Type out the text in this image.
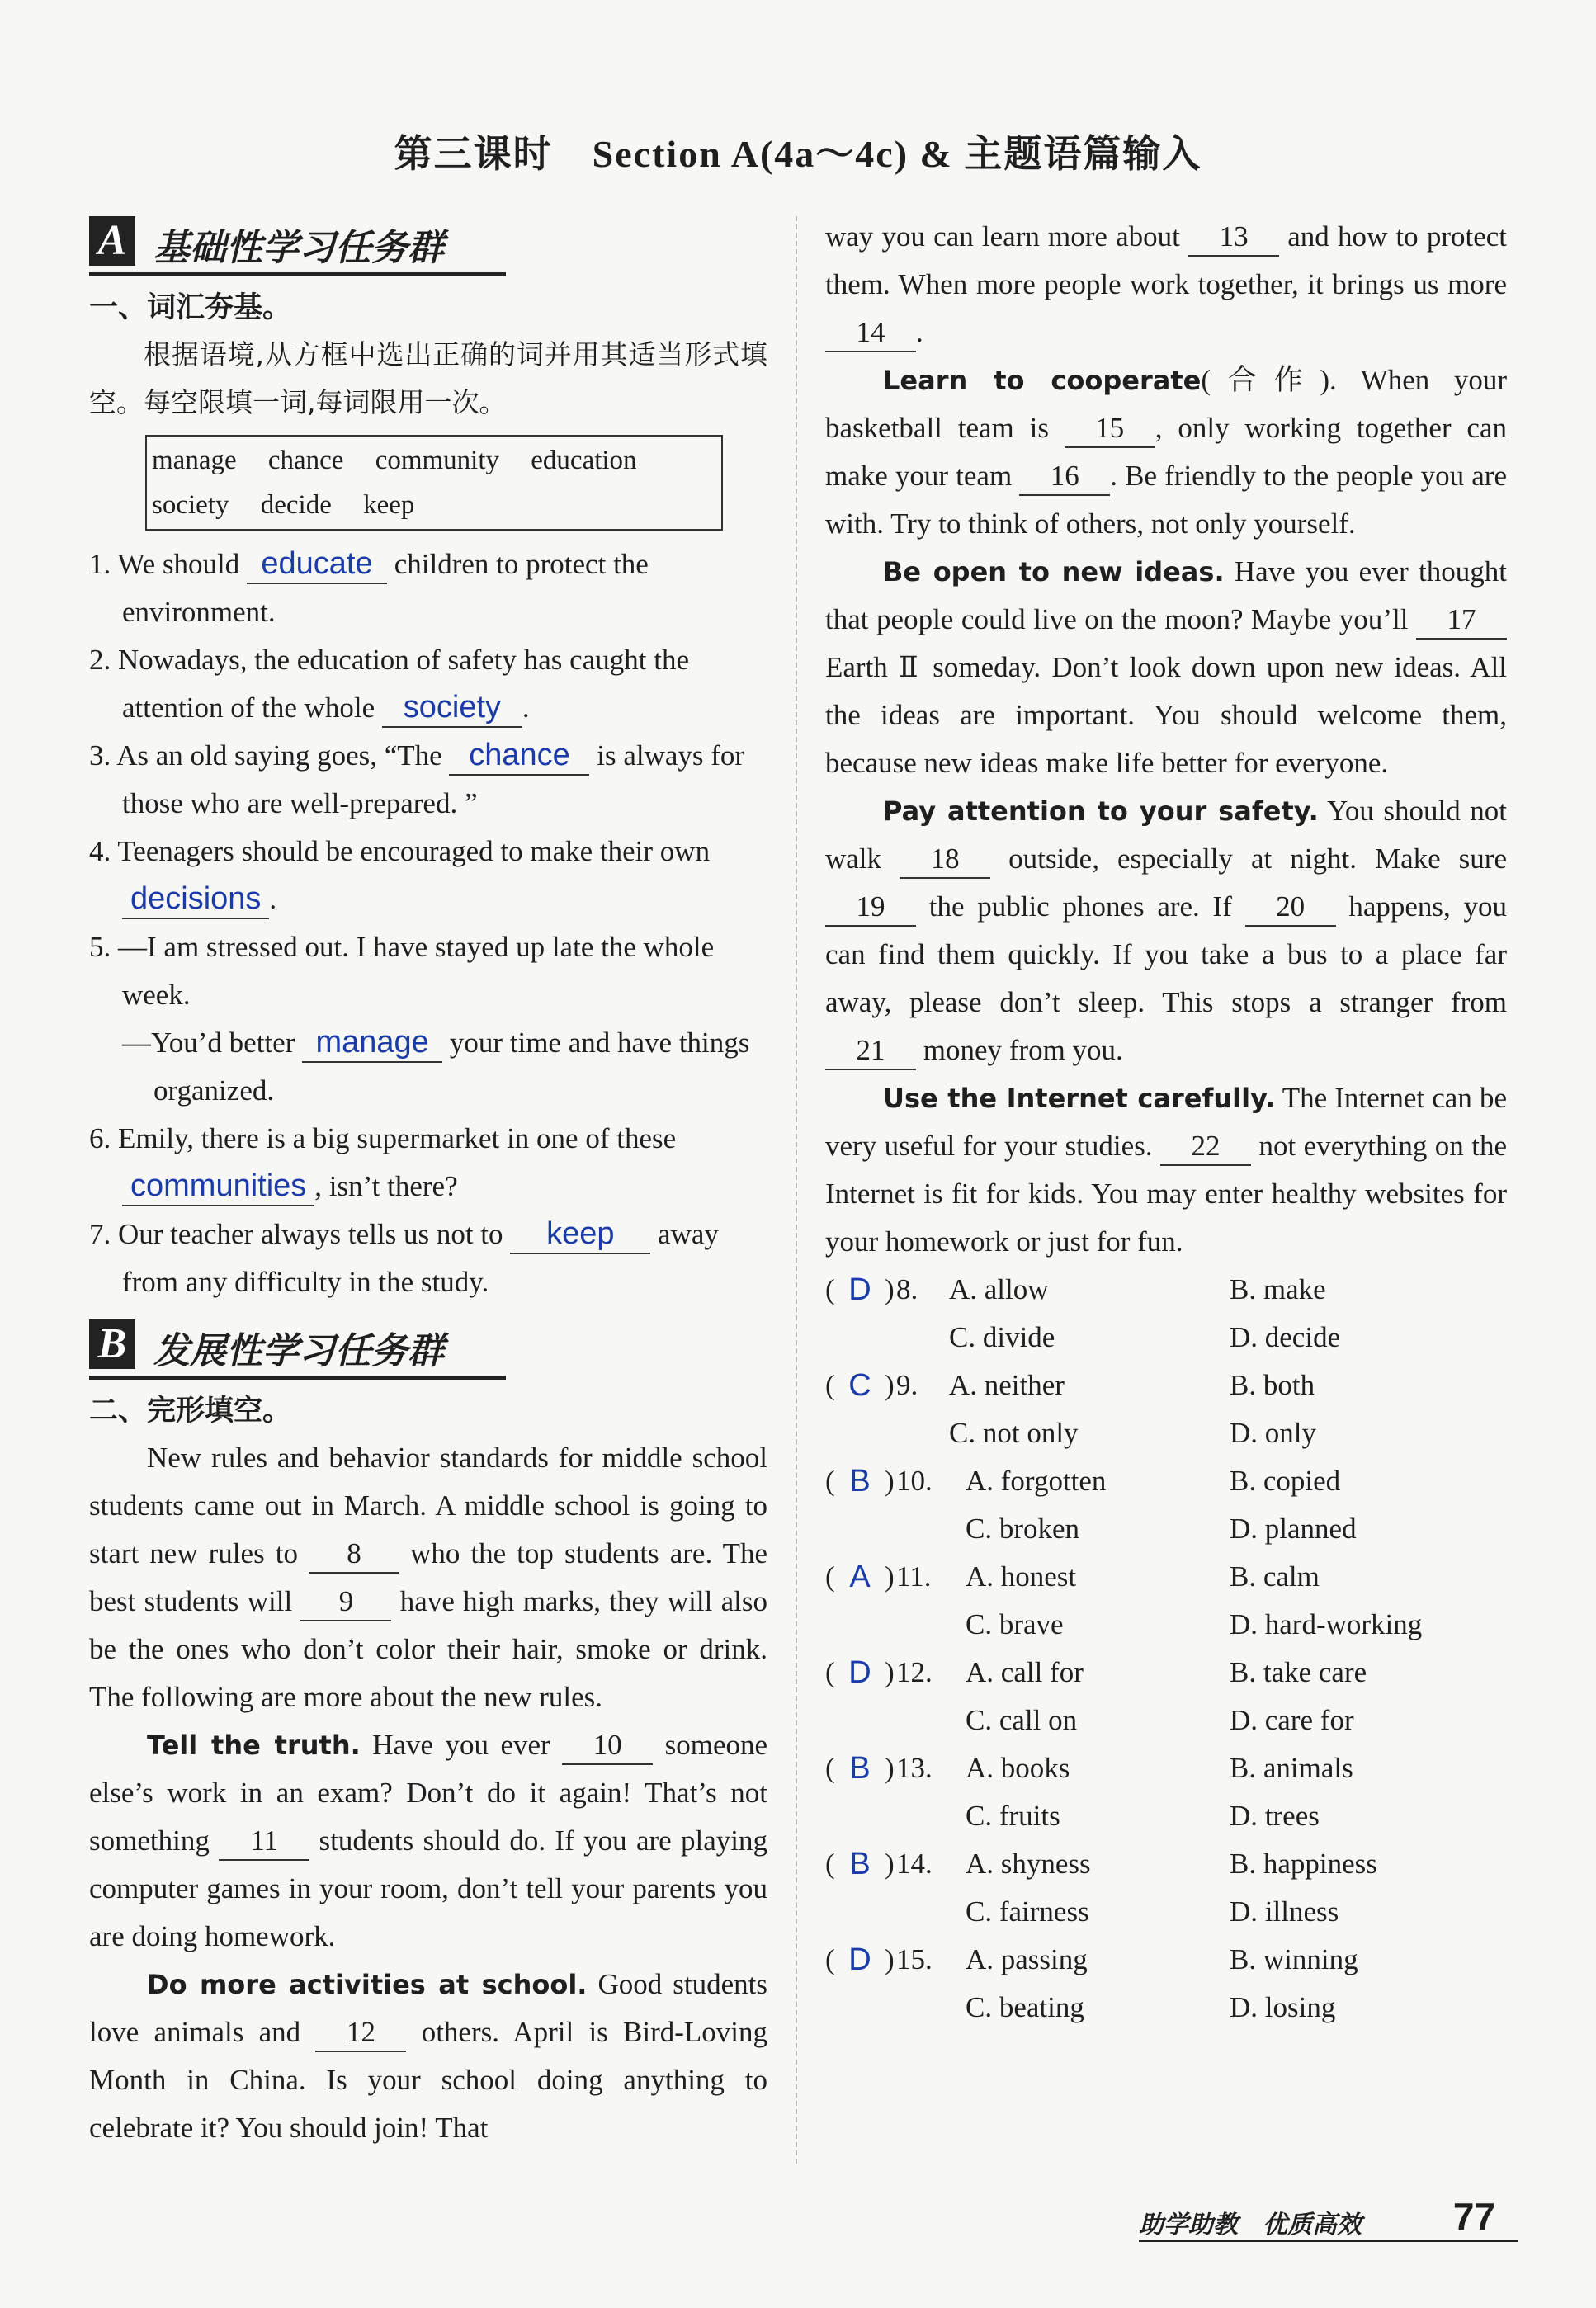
第三课时　Section A(4a～4c) & 主题语篇输入
A 基础性学习任务群
一、词汇夯基。
根据语境,从方框中选出正确的词并用其适当形式填空。每空限填一词,每词限用一次。
manage chance community education
society decide keep
1. We should educate children to protect the environment.
2. Nowadays, the education of safety has caught the attention of the whole society .
3. As an old saying goes, “The chance is always for those who are well-prepared. ”
4. Teenagers should be encouraged to make their own decisions .
5. —I am stressed out. I have stayed up late the whole week.
—You’d better manage your time and have things organized.
6. Emily, there is a big supermarket in one of these communities , isn’t there?
7. Our teacher always tells us not to keep away from any difficulty in the study.
B 发展性学习任务群
二、完形填空。
New rules and behavior standards for middle school students came out in March. A middle school is going to start new rules to 8 who the top students are. The best students will 9 have high marks, they will also be the ones who don’t color their hair, smoke or drink. The following are more about the new rules.
Tell the truth. Have you ever 10 someone else’s work in an exam? Don’t do it again! That’s not something 11 students should do. If you are playing computer games in your room, don’t tell your parents you are doing homework.
Do more activities at school. Good students love animals and 12 others. April is Bird-Loving Month in China. Is your school doing anything to celebrate it? You should join! That
way you can learn more about 13 and how to protect them. When more people work together, it brings us more 14 .
Learn to cooperate(合作). When your basketball team is 15 , only working together can make your team 16 . Be friendly to the people you are with. Try to think of others, not only yourself.
Be open to new ideas. Have you ever thought that people could live on the moon? Maybe you’ll 17 Earth Ⅱ someday. Don’t look down upon new ideas. All the ideas are important. You should welcome them, because new ideas make life better for everyone.
Pay attention to your safety. You should not walk 18 outside, especially at night. Make sure 19 the public phones are. If 20 happens, you can find them quickly. If you take a bus to a place far away, please don’t sleep. This stops a stranger from 21 money from you.
Use the Internet carefully. The Internet can be very useful for your studies. 22 not everything on the Internet is fit for kids. You may enter healthy websites for your homework or just for fun.
( D ) 8. A. allow	B. make
C. divide	D. decide
( C ) 9. A. neither	B. both
C. not only	D. only
( B ) 10. A. forgotten	B. copied
C. broken	D. planned
( A ) 11. A. honest	B. calm
C. brave	D. hard-working
( D ) 12. A. call for	B. take care
C. call on	D. care for
( B ) 13. A. books	B. animals
C. fruits	D. trees
( B ) 14. A. shyness	B. happiness
C. fairness	D. illness
( D ) 15. A. passing	B. winning
C. beating	D. losing
助学助教　优质高效 77
